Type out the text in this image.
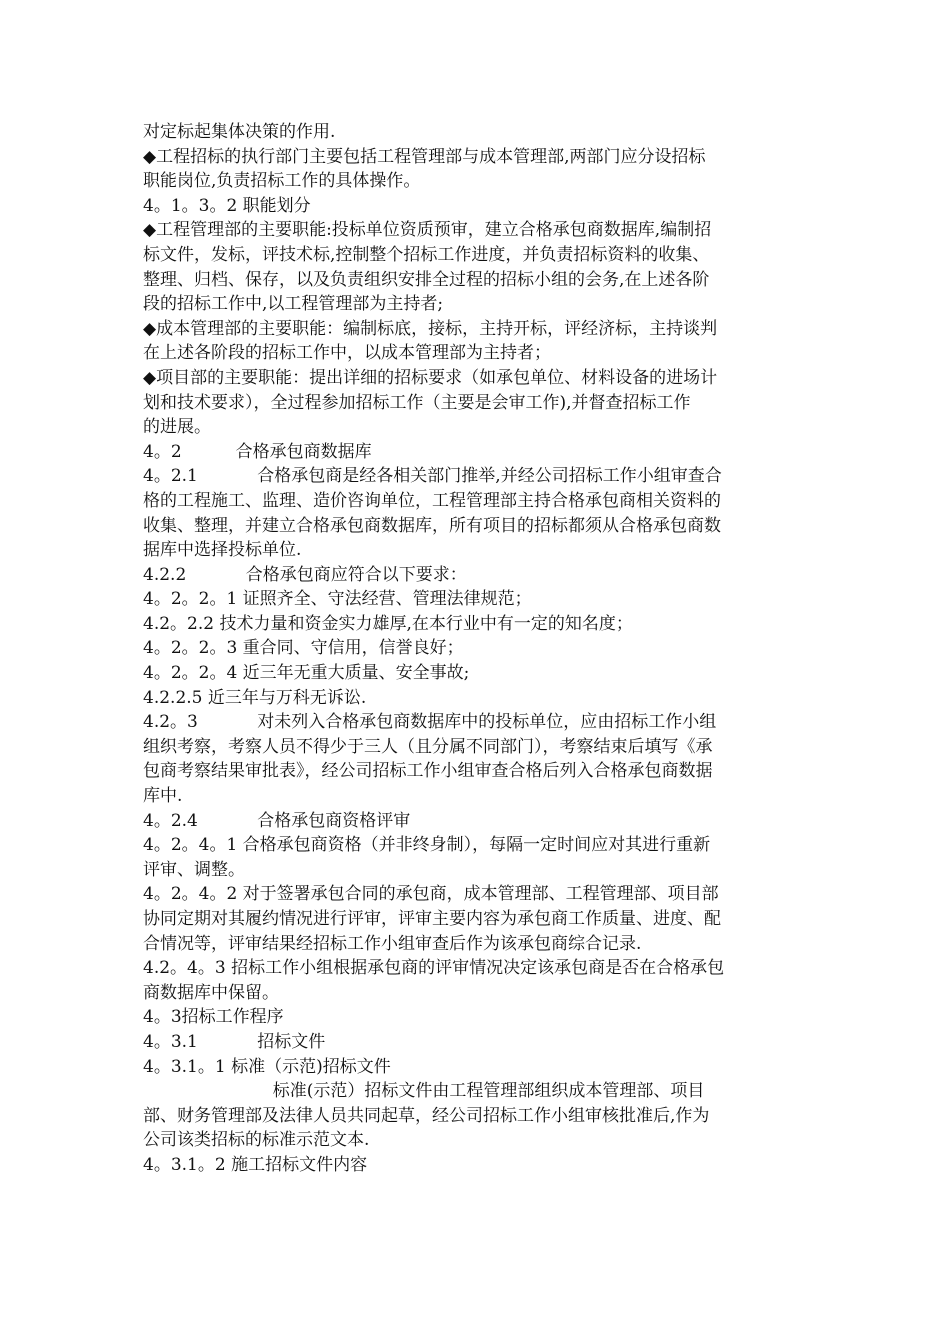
对定标起集体决策的作用.
◆工程招标的执行部门主要包括工程管理部与成本管理部,两部门应分设招标
职能岗位,负责招标工作的具体操作。
4。1。3。2 职能划分
◆工程管理部的主要职能:投标单位资质预审，建立合格承包商数据库,编制招
标文件，发标，评技术标,控制整个招标工作进度，并负责招标资料的收集、
整理、归档、保存，以及负责组织安排全过程的招标小组的会务,在上述各阶
段的招标工作中,以工程管理部为主持者;
◆成本管理部的主要职能：编制标底，接标，主持开标，评经济标，主持谈判
在上述各阶段的招标工作中，以成本管理部为主持者；
◆项目部的主要职能：提出详细的招标要求（如承包单位、材料设备的进场计
划和技术要求），全过程参加招标工作（主要是会审工作),并督查招标工作
的进展。
4。2          合格承包商数据库
4。2.1           合格承包商是经各相关部门推举,并经公司招标工作小组审查合
格的工程施工、监理、造价咨询单位，工程管理部主持合格承包商相关资料的
收集、整理，并建立合格承包商数据库，所有项目的招标都须从合格承包商数
据库中选择投标单位.
4.2.2           合格承包商应符合以下要求：
4。2。2。1 证照齐全、守法经营、管理法律规范；
4.2。2.2 技术力量和资金实力雄厚,在本行业中有一定的知名度；
4。2。2。3 重合同、守信用，信誉良好；
4。2。2。4 近三年无重大质量、安全事故;
4.2.2.5 近三年与万科无诉讼.
4.2。3           对未列入合格承包商数据库中的投标单位，应由招标工作小组
组织考察，考察人员不得少于三人（且分属不同部门），考察结束后填写《承
包商考察结果审批表》，经公司招标工作小组审查合格后列入合格承包商数据
库中.
4。2.4           合格承包商资格评审
4。2。4。1 合格承包商资格（并非终身制），每隔一定时间应对其进行重新
评审、调整。
4。2。4。2 对于签署承包合同的承包商，成本管理部、工程管理部、项目部
协同定期对其履约情况进行评审，评审主要内容为承包商工作质量、进度、配
合情况等，评审结果经招标工作小组审查后作为该承包商综合记录.
4.2。4。3 招标工作小组根据承包商的评审情况决定该承包商是否在合格承包
商数据库中保留。
4。3招标工作程序
4。3.1           招标文件
4。3.1。1 标准（示范)招标文件
标准(示范）招标文件由工程管理部组织成本管理部、项目
部、财务管理部及法律人员共同起草，经公司招标工作小组审核批准后,作为
公司该类招标的标准示范文本.
4。3.1。2 施工招标文件内容
